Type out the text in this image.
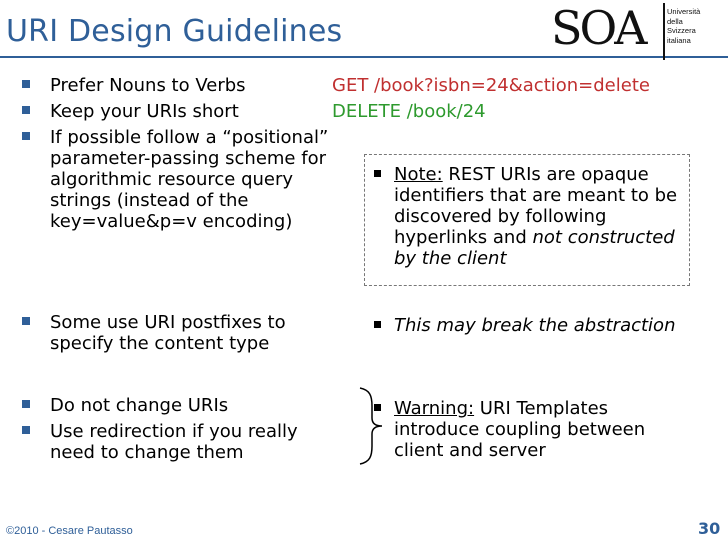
URI Design Guidelines	SOA	Università
della
Svizzera
italiana
Prefer Nouns to Verbs
Keep your URIs short
If possible follow a “positional” parameter-passing scheme for algorithmic resource query strings (instead of the key=value&p=v encoding)
Some use URI postfixes to specify the content type
Do not change URIs
Use redirection if you really need to change them
GET /book?isbn=24&action=delete
DELETE /book/24
Note: REST URIs are opaque identifiers that are meant to be discovered by following hyperlinks and not constructed by the client
This may break the abstraction
Warning: URI Templates introduce coupling between client and server
©2010 - Cesare Pautasso	30
